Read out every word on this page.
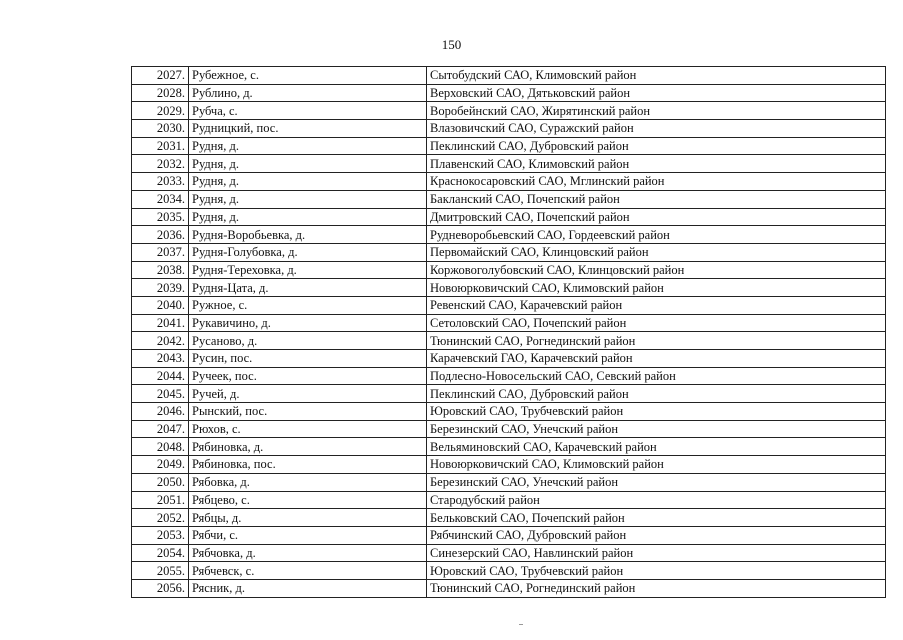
150
2027.	Рубежное, с.	Сытобудский САО, Климовский район
2028.	Рублино, д.	Верховский САО, Дятьковский район
2029.	Рубча, с.	Воробейнский САО, Жирятинский район
2030.	Рудницкий, пос.	Влазовичский САО, Суражский район
2031.	Рудня, д.	Пеклинский САО, Дубровский район
2032.	Рудня, д.	Плавенский САО, Климовский район
2033.	Рудня, д.	Краснокосаровский САО, Мглинский район
2034.	Рудня, д.	Бакланский САО, Почепский район
2035.	Рудня, д.	Дмитровский САО, Почепский район
2036.	Рудня-Воробьевка, д.	Рудневоробьевский САО, Гордеевский район
2037.	Рудня-Голубовка, д.	Первомайский САО, Клинцовский район
2038.	Рудня-Тереховка, д.	Коржовоголубовский САО, Клинцовский район
2039.	Рудня-Цата, д.	Новоюрковичский САО, Климовский район
2040.	Ружное, с.	Ревенский САО, Карачевский район
2041.	Рукавичино, д.	Сетоловский САО, Почепский район
2042.	Русаново, д.	Тюнинский САО, Рогнединский район
2043.	Русин, пос.	Карачевский ГАО, Карачевский район
2044.	Ручеек, пос.	Подлесно-Новосельский САО, Севский район
2045.	Ручей, д.	Пеклинский САО, Дубровский район
2046.	Рынский, пос.	Юровский САО, Трубчевский район
2047.	Рюхов, с.	Березинский САО, Унечский район
2048.	Рябиновка, д.	Вельяминовский САО, Карачевский район
2049.	Рябиновка, пос.	Новоюрковичский САО, Климовский район
2050.	Рябовка, д.	Березинский САО, Унечский район
2051.	Рябцево, с.	Стародубский район
2052.	Рябцы, д.	Бельковский САО, Почепский район
2053.	Рябчи, с.	Рябчинский САО, Дубровский район
2054.	Рябчовка, д.	Синезерский САО, Навлинский район
2055.	Рябчевск, с.	Юровский САО, Трубчевский район
2056.	Рясник, д.	Тюнинский САО, Рогнединский район
